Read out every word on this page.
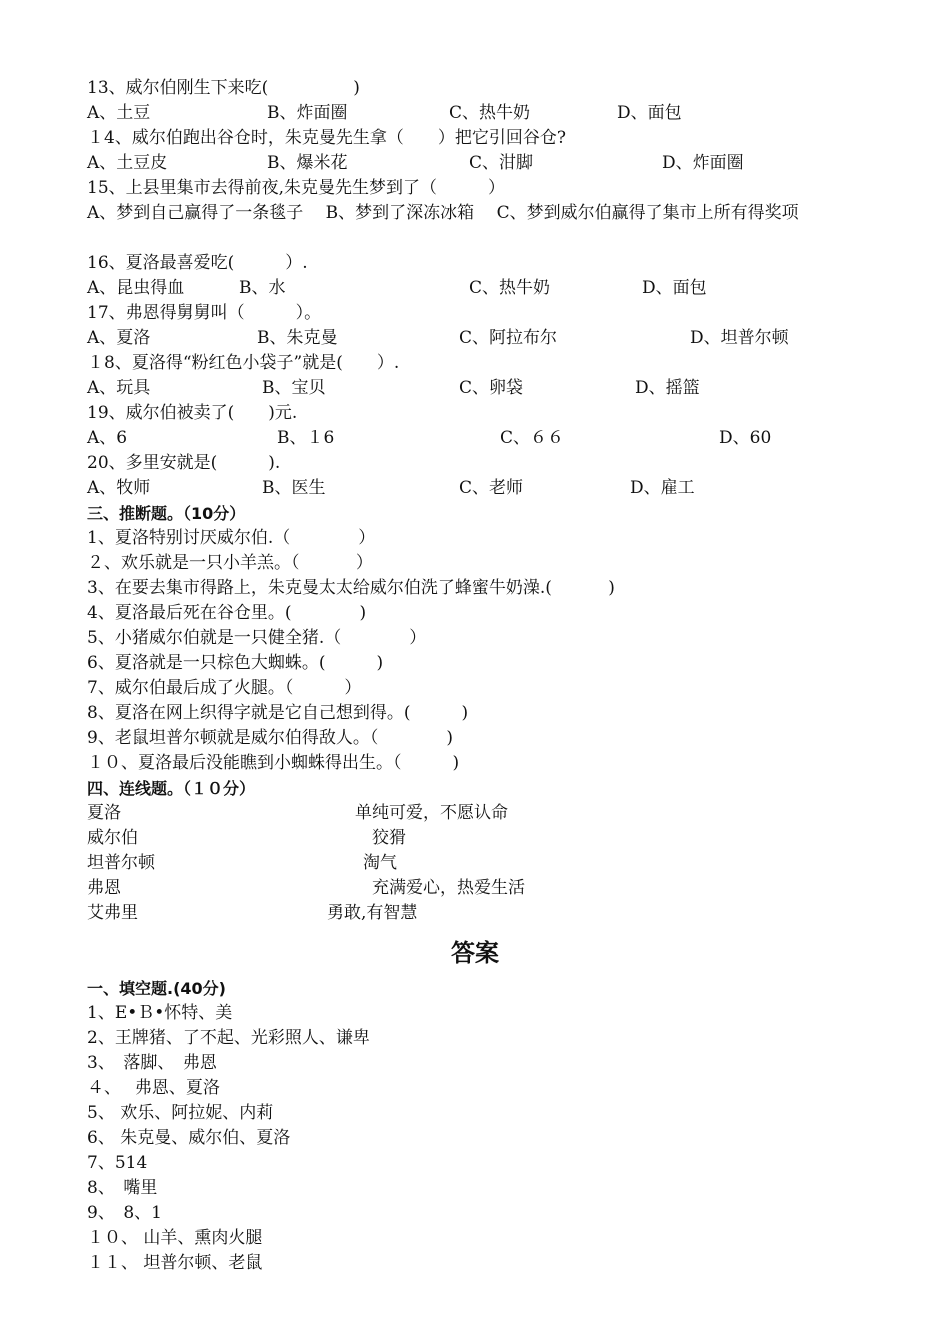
13、威尔伯刚生下来吃(　　　　　)
A、土豆	B、炸面圈	C、热牛奶	D、面包
１4、威尔伯跑出谷仓时，朱克曼先生拿（　　）把它引回谷仓?
A、土豆皮	B、爆米花	C、泔脚	D、炸面圈
15、上县里集市去得前夜,朱克曼先生梦到了（　　　）
A、梦到自己赢得了一条毯子　 B、梦到了深冻冰箱　 C、梦到威尔伯赢得了集市上所有得奖项
16、夏洛最喜爱吃(　　　）.
A、昆虫得血	B、水	C、热牛奶	D、面包
17、弗恩得舅舅叫（　　　）。
A、夏洛	B、朱克曼	C、阿拉布尔	D、坦普尔顿
１8、夏洛得“粉红色小袋子”就是(　　）.
A、玩具	B、宝贝	C、卵袋	D、摇篮
19、威尔伯被卖了(　　)元.
A、6	B、１6	C、６６	D、60
20、多里安就是(　　　).
A、牧师	B、医生	C、老师	D、雇工
三、推断题。（10分）
1、夏洛特别讨厌威尔伯.（　　　　）
２、欢乐就是一只小羊羔。（　　　 ）
3、在要去集市得路上，朱克曼太太给威尔伯洗了蜂蜜牛奶澡.(　　　 )
4、夏洛最后死在谷仓里。(　　　　)
5、小猪威尔伯就是一只健全猪.（　　　　）
6、夏洛就是一只棕色大蜘蛛。(　　　)
7、威尔伯最后成了火腿。（　　　）
8、夏洛在网上织得字就是它自己想到得。(　　　)
9、老鼠坦普尔顿就是威尔伯得敌人。（　　　　)
１０、夏洛最后没能瞧到小蜘蛛得出生。（　　　)
四、连线题。（１０分）
夏洛	单纯可爱，不愿认命
威尔伯	狡猾
坦普尔顿	淘气
弗恩	充满爱心，热爱生活
艾弗里	勇敢,有智慧
答案
一、填空题.(40分)
1、E•Ｂ•怀特、美
2、王牌猪、了不起、光彩照人、谦卑
3、　落脚、　弗恩
４、　 弗恩、夏洛
5、 欢乐、阿拉妮、内莉
6、 朱克曼、威尔伯、夏洛
7、514
8、　嘴里
9、　8、1
１０、 山羊、熏肉火腿
１１、 坦普尔顿、老鼠
